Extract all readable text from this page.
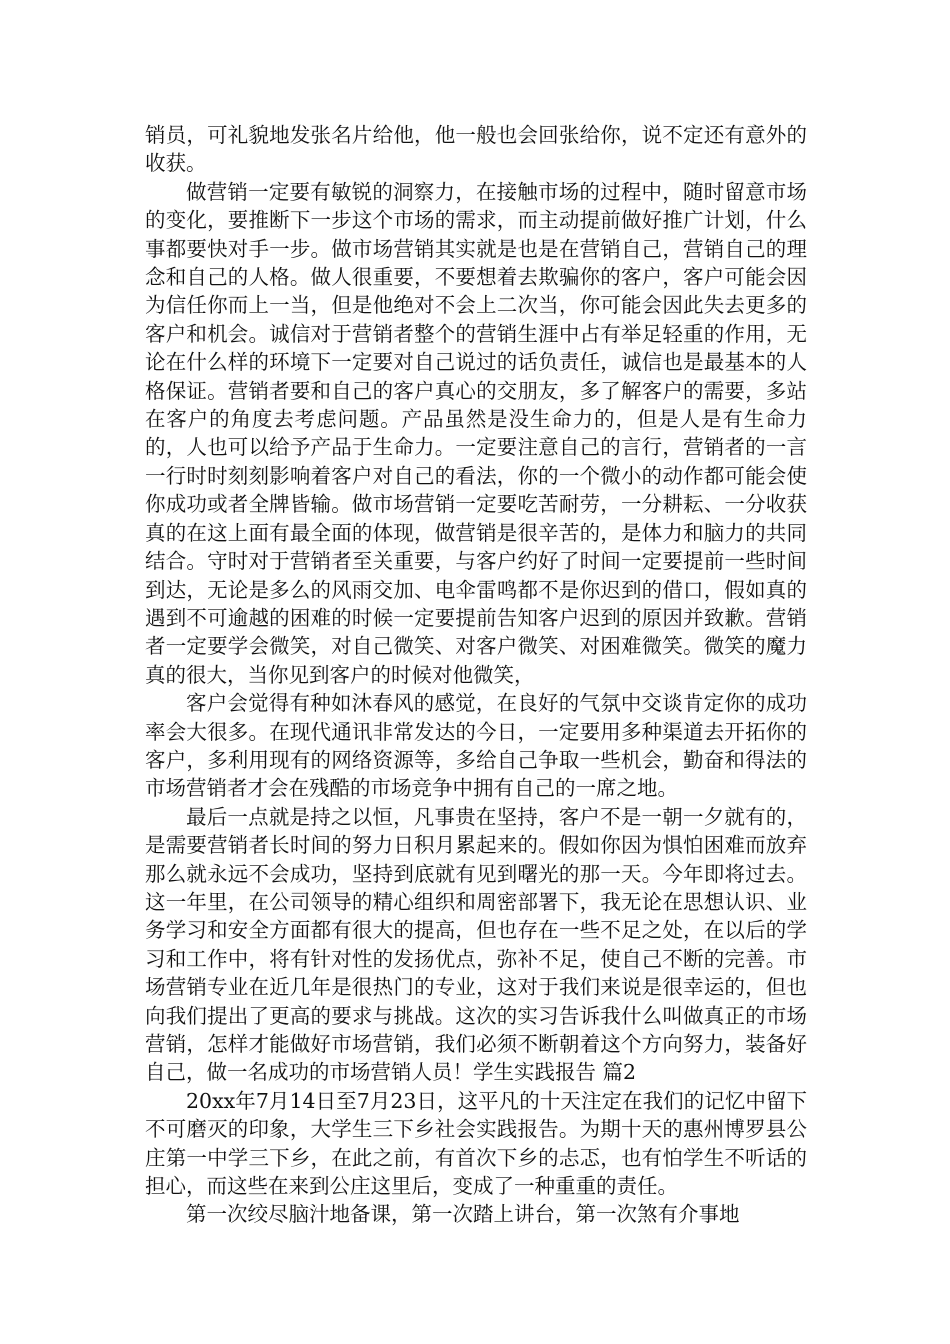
销员，可礼貌地发张名片给他，他一般也会回张给你，说不定还有意外的收获。

做营销一定要有敏锐的洞察力，在接触市场的过程中，随时留意市场的变化，要推断下一步这个市场的需求，而主动提前做好推广计划，什么事都要快对手一步。做市场营销其实就是也是在营销自己，营销自己的理念和自己的人格。做人很重要，不要想着去欺骗你的客户，客户可能会因为信任你而上一当，但是他绝对不会上二次当，你可能会因此失去更多的客户和机会。诚信对于营销者整个的营销生涯中占有举足轻重的作用，无论在什么样的环境下一定要对自己说过的话负责任，诚信也是最基本的人格保证。营销者要和自己的客户真心的交朋友，多了解客户的需要，多站在客户的角度去考虑问题。产品虽然是没生命力的，但是人是有生命力的，人也可以给予产品于生命力。一定要注意自己的言行，营销者的一言一行时时刻刻影响着客户对自己的看法，你的一个微小的动作都可能会使你成功或者全牌皆输。做市场营销一定要吃苦耐劳，一分耕耘、一分收获真的在这上面有最全面的体现，做营销是很辛苦的，是体力和脑力的共同结合。守时对于营销者至关重要，与客户约好了时间一定要提前一些时间到达，无论是多么的风雨交加、电伞雷鸣都不是你迟到的借口，假如真的遇到不可逾越的困难的时候一定要提前告知客户迟到的原因并致歉。营销者一定要学会微笑，对自己微笑、对客户微笑、对困难微笑。微笑的魔力真的很大，当你见到客户的时候对他微笑，

客户会觉得有种如沐春风的感觉，在良好的气氛中交谈肯定你的成功率会大很多。在现代通讯非常发达的今日，一定要用多种渠道去开拓你的客户，多利用现有的网络资源等，多给自己争取一些机会，勤奋和得法的市场营销者才会在残酷的市场竞争中拥有自己的一席之地。

最后一点就是持之以恒，凡事贵在坚持，客户不是一朝一夕就有的，是需要营销者长时间的努力日积月累起来的。假如你因为惧怕困难而放弃那么就永远不会成功，坚持到底就有见到曙光的那一天。今年即将过去。这一年里，在公司领导的精心组织和周密部署下，我无论在思想认识、业务学习和安全方面都有很大的提高，但也存在一些不足之处，在以后的学习和工作中，将有针对性的发扬优点，弥补不足，使自己不断的完善。市场营销专业在近几年是很热门的专业，这对于我们来说是很幸运的，但也向我们提出了更高的要求与挑战。这次的实习告诉我什么叫做真正的市场营销，怎样才能做好市场营销，我们必须不断朝着这个方向努力，装备好自己，做一名成功的市场营销人员！学生实践报告 篇2

20xx年7月14日至7月23日，这平凡的十天注定在我们的记忆中留下不可磨灭的印象，大学生三下乡社会实践报告。为期十天的惠州博罗县公庄第一中学三下乡，在此之前，有首次下乡的忐忑，也有怕学生不听话的担心，而这些在来到公庄这里后，变成了一种重重的责任。

第一次绞尽脑汁地备课，第一次踏上讲台，第一次煞有介事地
